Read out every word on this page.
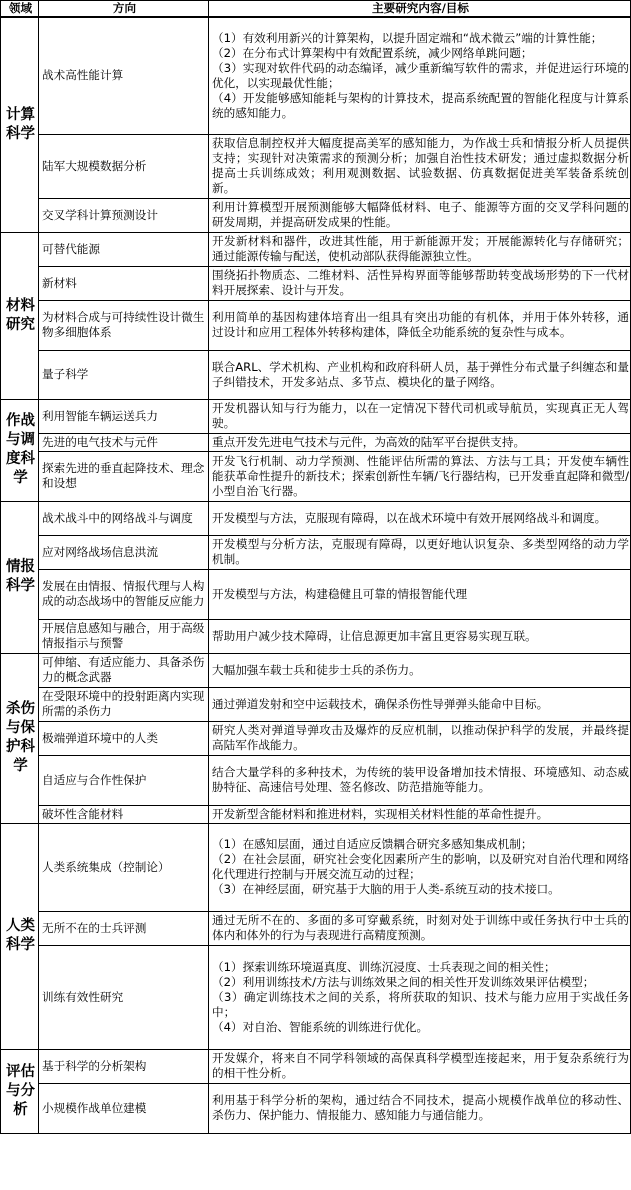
领域	方向	主要研究内容/目标

计算
科学	战术高性能计算	（1）有效利用新兴的计算架构，以提升固定端和“战术微云”端的计算性能；
（2）在分布式计算架构中有效配置系统，减少网络单跳问题；
（3）实现对软件代码的动态编译，减少重新编写软件的需求，并促进运行环境的优化，以实现最优性能；
（4）开发能够感知能耗与架构的计算技术，提高系统配置的智能化程度与计算系统的感知能力。

	陆军大规模数据分析	获取信息制控权并大幅度提高美军的感知能力，为作战士兵和情报分析人员提供支持；实现针对决策需求的预测分析；加强自治性技术研发；通过虚拟数据分析提高士兵训练成效；利用观测数据、试验数据、仿真数据促进美军装备系统创新。

	交叉学科计算预测设计	利用计算模型开展预测能够大幅降低材料、电子、能源等方面的交叉学科问题的研发周期，并提高研发成果的性能。

材料
研究	可替代能源	开发新材料和器件，改进其性能，用于新能源开发；开展能源转化与存储研究；通过能源传输与配送，使机动部队获得能源独立性。

	新材料	围绕拓扑物质态、二维材料、活性异构界面等能够帮助转变战场形势的下一代材料开展探索、设计与开发。

	为材料合成与可持续性设计微生物多细胞体系	利用简单的基因构建体培育出一组具有突出功能的有机体，并用于体外转移，通过设计和应用工程体外转移构建体，降低全功能系统的复杂性与成本。

	量子科学	联合ARL、学术机构、产业机构和政府科研人员，基于弹性分布式量子纠缠态和量子纠错技术，开发多站点、多节点、模块化的量子网络。

作战
与调
度科
学	利用智能车辆运送兵力	开发机器认知与行为能力，以在一定情况下替代司机或导航员，实现真正无人驾驶。

	先进的电气技术与元件	重点开发先进电气技术与元件，为高效的陆军平台提供支持。

	探索先进的垂直起降技术、理念和设想	开发飞行机制、动力学预测、性能评估所需的算法、方法与工具；开发使车辆性能获革命性提升的新技术；探索创新性车辆/飞行器结构，已开发垂直起降和微型/小型自治飞行器。

情报
科学	战术战斗中的网络战斗与调度	开发模型与方法，克服现有障碍，以在战术环境中有效开展网络战斗和调度。

	应对网络战场信息洪流	开发模型与分析方法，克服现有障碍，以更好地认识复杂、多类型网络的动力学机制。

	发展在由情报、情报代理与人构成的动态战场中的智能反应能力	开发模型与方法，构建稳健且可靠的情报智能代理

	开展信息感知与融合，用于高级情报指示与预警	帮助用户减少技术障碍，让信息源更加丰富且更容易实现互联。

杀伤
与保
护科
学	可伸缩、有适应能力、具备杀伤力的概念武器	大幅加强车载士兵和徒步士兵的杀伤力。

	在受限环境中的投射距离内实现所需的杀伤力	通过弹道发射和空中运载技术，确保杀伤性导弹弹头能命中目标。

	极端弹道环境中的人类	研究人类对弹道导弹攻击及爆炸的反应机制，以推动保护科学的发展，并最终提高陆军作战能力。

	自适应与合作性保护	结合大量学科的多种技术，为传统的装甲设备增加技术情报、环境感知、动态威胁特征、高速信号处理、签名修改、防范措施等能力。

	破坏性含能材料	开发新型含能材料和推进材料，实现相关材料性能的革命性提升。

人类
科学	人类系统集成（控制论）	（1）在感知层面，通过自适应反馈耦合研究多感知集成机制；
（2）在社会层面，研究社会变化因素所产生的影响，以及研究对自治代理和网络化代理进行控制与开展交流互动的过程；
（3）在神经层面，研究基于大脑的用于人类-系统互动的技术接口。

	无所不在的士兵评测	通过无所不在的、多面的多可穿戴系统，时刻对处于训练中或任务执行中士兵的体内和体外的行为与表现进行高精度预测。

	训练有效性研究	（1）探索训练环境逼真度、训练沉浸度、士兵表现之间的相关性；
（2）利用训练技术/方法与训练效果之间的相关性开发训练效果评估模型；
（3）确定训练技术之间的关系，将所获取的知识、技术与能力应用于实战任务中；
（4）对自治、智能系统的训练进行优化。

评估
与分
析	基于科学的分析架构	开发媒介，将来自不同学科领域的高保真科学模型连接起来，用于复杂系统行为的相干性分析。

	小规模作战单位建模	利用基于科学分析的架构，通过结合不同技术，提高小规模作战单位的移动性、杀伤力、保护能力、情报能力、感知能力与通信能力。
